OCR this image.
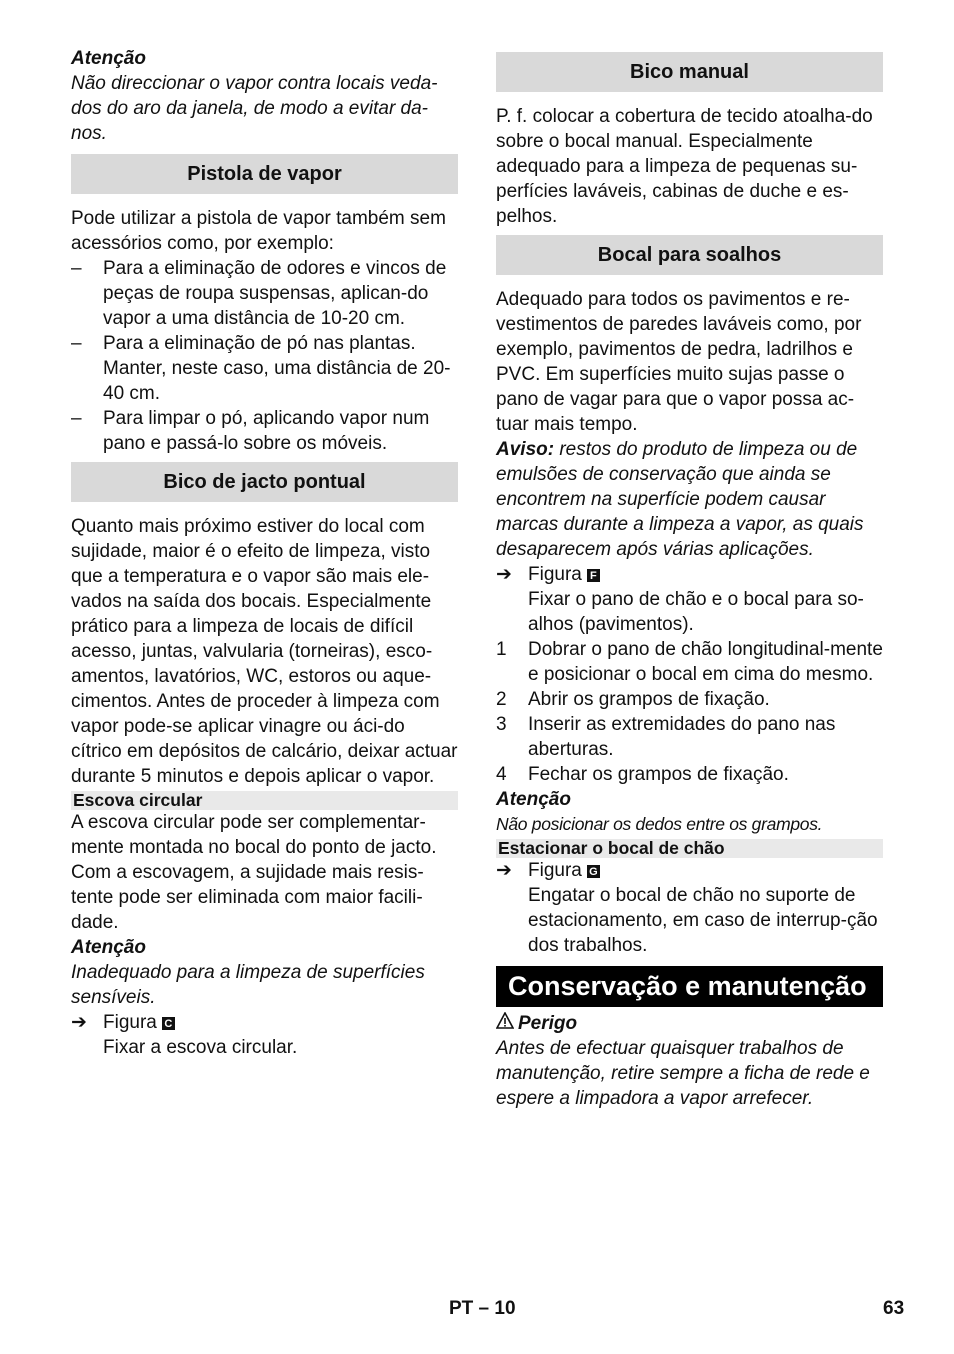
Atenção

Não direccionar o vapor contra locais veda-dos do aro da janela, de modo a evitar da-nos.

Pistola de vapor

Pode utilizar a pistola de vapor também sem acessórios como, por exemplo:

–	Para a eliminação de odores e vincos de peças de roupa suspensas, aplican-do vapor a uma distância de 10-20 cm.
–	Para a eliminação de pó nas plantas. Manter, neste caso, uma distância de 20-40 cm.
–	Para limpar o pó, aplicando vapor num pano e passá-lo sobre os móveis.
Bico de jacto pontual

Quanto mais próximo estiver do local com sujidade, maior é o efeito de limpeza, visto que a temperatura e o vapor são mais ele-vados na saída dos bocais. Especialmente prático para a limpeza de locais de difícil acesso, juntas, valvularia (torneiras), esco-amentos, lavatórios, WC, estoros ou aque-cimentos. Antes de proceder à limpeza com vapor pode-se aplicar vinagre ou áci-do cítrico em depósitos de calcário, deixar actuar durante 5 minutos e depois aplicar o vapor.

Escova circular

A escova circular pode ser complementar-mente montada no bocal do ponto de jacto. Com a escovagem, a sujidade mais resis-tente pode ser eliminada com maior facili-dade.

Atenção

Inadequado para a limpeza de superfícies sensíveis.

➔ Figura C
Fixar a escova circular.
Bico manual

P. f. colocar a cobertura de tecido atoalha-do sobre o bocal manual. Especialmente adequado para a limpeza de pequenas su-perfícies laváveis, cabinas de duche e es-pelhos.

Bocal para soalhos

Adequado para todos os pavimentos e re-vestimentos de paredes laváveis como, por exemplo, pavimentos de pedra, ladrilhos e PVC. Em superfícies muito sujas passe o pano de vagar para que o vapor possa ac-tuar mais tempo.

Aviso: restos do produto de limpeza ou de emulsões de conservação que ainda se encontrem na superfície podem causar marcas durante a limpeza a vapor, as quais desaparecem após várias aplicações.

➔ Figura F
Fixar o pano de chão e o bocal para so-alhos (pavimentos).
1	Dobrar o pano de chão longitudinal-mente e posicionar o bocal em cima do mesmo.
2	Abrir os grampos de fixação.
3	Inserir as extremidades do pano nas aberturas.
4	Fechar os grampos de fixação.

Atenção

Não posicionar os dedos entre os grampos.

Estacionar o bocal de chão
➔ Figura G
Engatar o bocal de chão no suporte de estacionamento, em caso de interrup-ção dos trabalhos.
Conservação e manutenção

Perigo

Antes de efectuar quaisquer trabalhos de manutenção, retire sempre a ficha de rede e espere a limpadora a vapor arrefecer.

PT – 10	63
